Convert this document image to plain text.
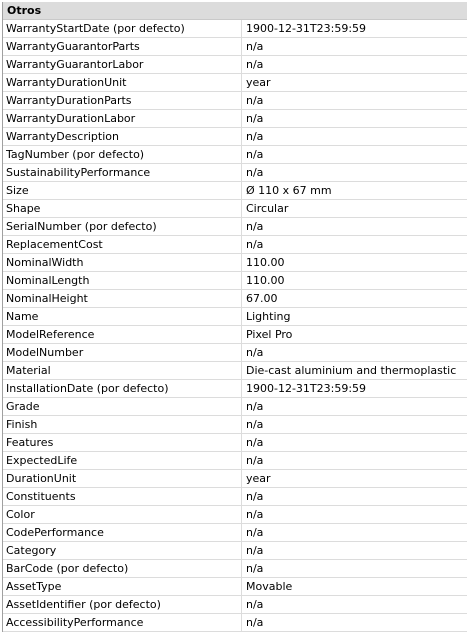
Otros
WarrantyStartDate (por defecto)	1900-12-31T23:59:59
WarrantyGuarantorParts	n/a
WarrantyGuarantorLabor	n/a
WarrantyDurationUnit	year
WarrantyDurationParts	n/a
WarrantyDurationLabor	n/a
WarrantyDescription	n/a
TagNumber (por defecto)	n/a
SustainabilityPerformance	n/a
Size	Ø 110 x 67 mm
Shape	Circular
SerialNumber (por defecto)	n/a
ReplacementCost	n/a
NominalWidth	110.00
NominalLength	110.00
NominalHeight	67.00
Name	Lighting
ModelReference	Pixel Pro
ModelNumber	n/a
Material	Die-cast aluminium and thermoplastic
InstallationDate (por defecto)	1900-12-31T23:59:59
Grade	n/a
Finish	n/a
Features	n/a
ExpectedLife	n/a
DurationUnit	year
Constituents	n/a
Color	n/a
CodePerformance	n/a
Category	n/a
BarCode (por defecto)	n/a
AssetType	Movable
AssetIdentifier (por defecto)	n/a
AccessibilityPerformance	n/a
